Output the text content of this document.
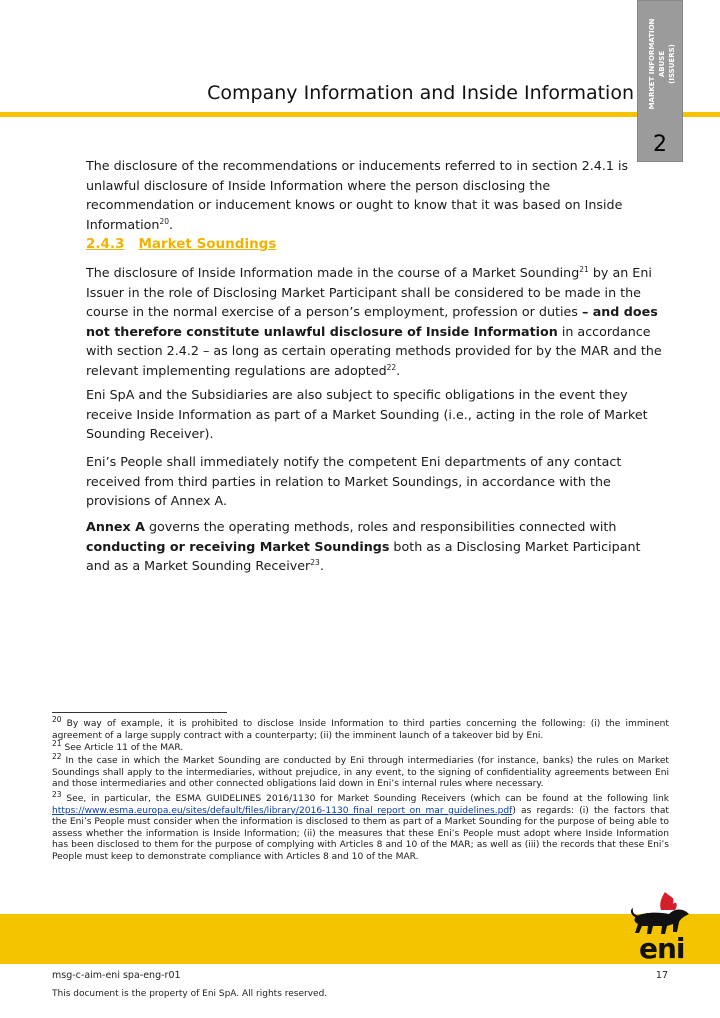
Company Information and Inside Information MARKET INFORMATION ABUSE (ISSUERS)
2

The disclosure of the recommendations or inducements referred to in section 2.4.1 is unlawful disclosure of Inside Information where the person disclosing the recommendation or inducement knows or ought to know that it was based on Inside Information$^{20}$.

2.4.3 Market Soundings

The disclosure of Inside Information made in the course of a Market Sounding$^{21}$ by an Eni Issuer in the role of Disclosing Market Participant shall be considered to be made in the course in the normal exercise of a person’s employment, profession or duties – and does not therefore constitute unlawful disclosure of Inside Information in accordance with section 2.4.2 – as long as certain operating methods provided for by the MAR and the relevant implementing regulations are adopted$^{22}$.

Eni SpA and the Subsidiaries are also subject to specific obligations in the event they receive Inside Information as part of a Market Sounding (i.e., acting in the role of Market Sounding Receiver).

Eni’s People shall immediately notify the competent Eni departments of any contact received from third parties in relation to Market Soundings, in accordance with the provisions of Annex A.

Annex A governs the operating methods, roles and responsibilities connected with conducting or receiving Market Soundings both as a Disclosing Market Participant and as a Market Sounding Receiver$^{23}$.

$^{20}$ By way of example, it is prohibited to disclose Inside Information to third parties concerning the following: (i) the imminent agreement of a large supply contract with a counterparty; (ii) the imminent launch of a takeover bid by Eni.

$^{21}$ See Article 11 of the MAR.

$^{22}$ In the case in which the Market Sounding are conducted by Eni through intermediaries (for instance, banks) the rules on Market Soundings shall apply to the intermediaries, without prejudice, in any event, to the signing of confidentiality agreements between Eni and those intermediaries and other connected obligations laid down in Eni’s internal rules where necessary.

$^{23}$ See, in particular, the ESMA GUIDELINES 2016/1130 for Market Sounding Receivers (which can be found at the following link https://www.esma.europa.eu/sites/default/files/library/2016-1130_final_report_on_mar_guidelines.pdf) as regards: (i) the factors that the Eni’s People must consider when the information is disclosed to them as part of a Market Sounding for the purpose of being able to assess whether the information is Inside Information; (ii) the measures that these Eni’s People must adopt where Inside Information has been disclosed to them for the purpose of complying with Articles 8 and 10 of the MAR; as well as (iii) the records that these Eni’s People must keep to demonstrate compliance with Articles 8 and 10 of the MAR.

eni

msg-c-aim-eni spa-eng-r01	17

This document is the property of Eni SpA. All rights reserved.
